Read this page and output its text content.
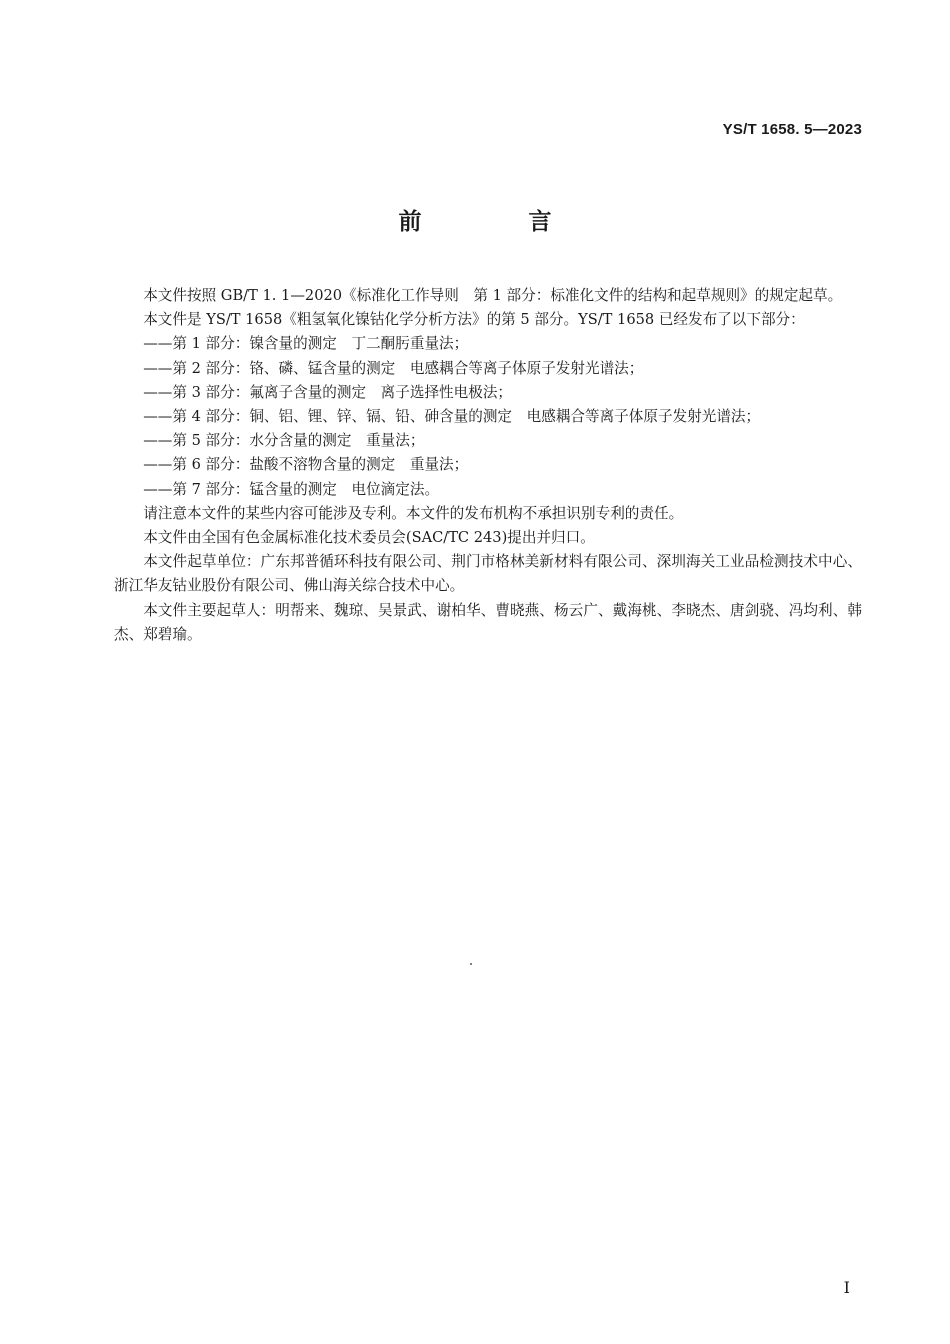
YS/T 1658. 5—2023
前　言

本文件按照 GB/T 1. 1—2020《标准化工作导则　第 1 部分：标准化文件的结构和起草规则》的规定起草。

本文件是 YS/T 1658《粗氢氧化镍钴化学分析方法》的第 5 部分。YS/T 1658 已经发布了以下部分：

——第 1 部分：镍含量的测定　丁二酮肟重量法；

——第 2 部分：铬、磷、锰含量的测定　电感耦合等离子体原子发射光谱法；

——第 3 部分：氟离子含量的测定　离子选择性电极法；

——第 4 部分：铜、铝、锂、锌、镉、铅、砷含量的测定　电感耦合等离子体原子发射光谱法；

——第 5 部分：水分含量的测定　重量法；

——第 6 部分：盐酸不溶物含量的测定　重量法；

——第 7 部分：锰含量的测定　电位滴定法。

请注意本文件的某些内容可能涉及专利。本文件的发布机构不承担识别专利的责任。

本文件由全国有色金属标准化技术委员会(SAC/TC 243)提出并归口。

本文件起草单位：广东邦普循环科技有限公司、荆门市格林美新材料有限公司、深圳海关工业品检测技术中心、浙江华友钴业股份有限公司、佛山海关综合技术中心。

本文件主要起草人：明帮来、魏琼、吴景武、谢柏华、曹晓燕、杨云广、戴海桃、李晓杰、唐剑骁、冯均利、韩杰、郑碧瑜。

I
